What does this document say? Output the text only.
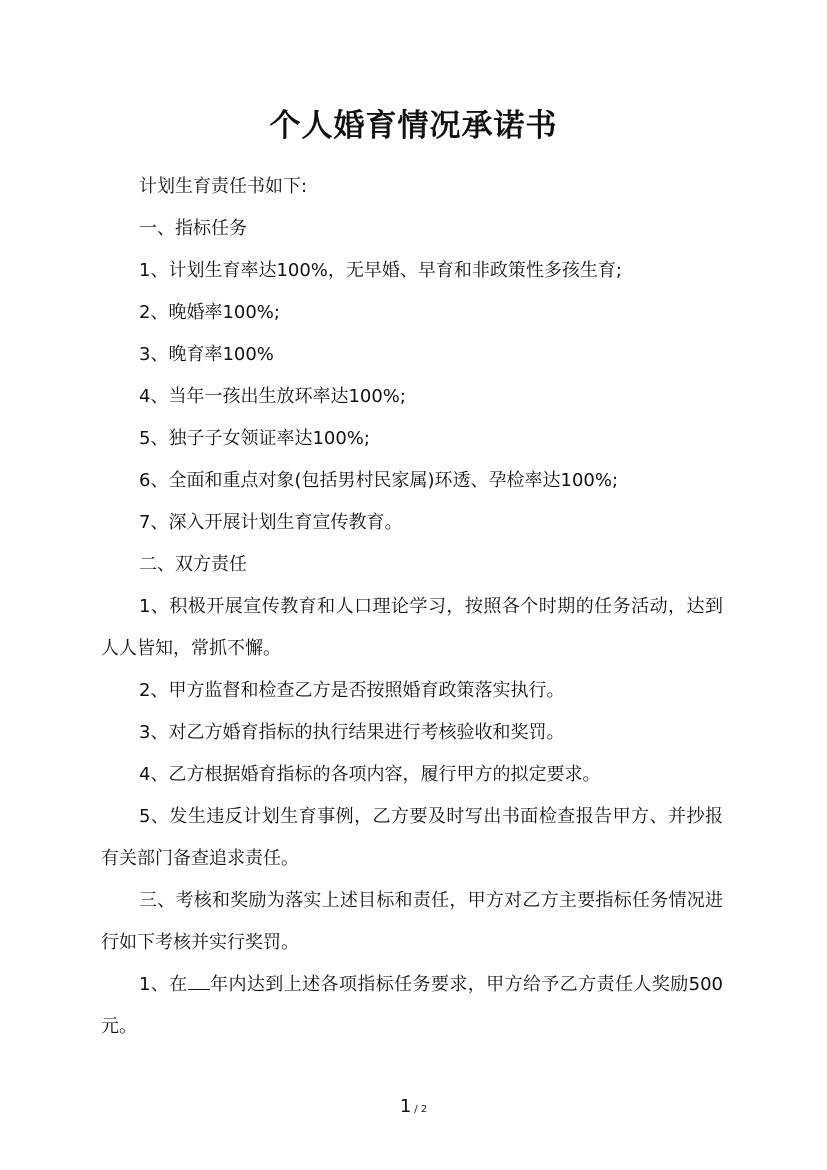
个人婚育情况承诺书

计划生育责任书如下:

一、指标任务

1、计划生育率达100%，无早婚、早育和非政策性多孩生育;

2、晚婚率100%;

3、晚育率100%

4、当年一孩出生放环率达100%;

5、独子子女领证率达100%;

6、全面和重点对象(包括男村民家属)环透、孕检率达100%;

7、深入开展计划生育宣传教育。

二、双方责任

1、积极开展宣传教育和人口理论学习，按照各个时期的任务活动，达到人人皆知，常抓不懈。

2、甲方监督和检查乙方是否按照婚育政策落实执行。

3、对乙方婚育指标的执行结果进行考核验收和奖罚。

4、乙方根据婚育指标的各项内容，履行甲方的拟定要求。

5、发生违反计划生育事例，乙方要及时写出书面检查报告甲方、并抄报有关部门备查追求责任。

三、考核和奖励为落实上述目标和责任，甲方对乙方主要指标任务情况进行如下考核并实行奖罚。

1、在 年内达到上述各项指标任务要求，甲方给予乙方责任人奖励500元。

1 / 2
